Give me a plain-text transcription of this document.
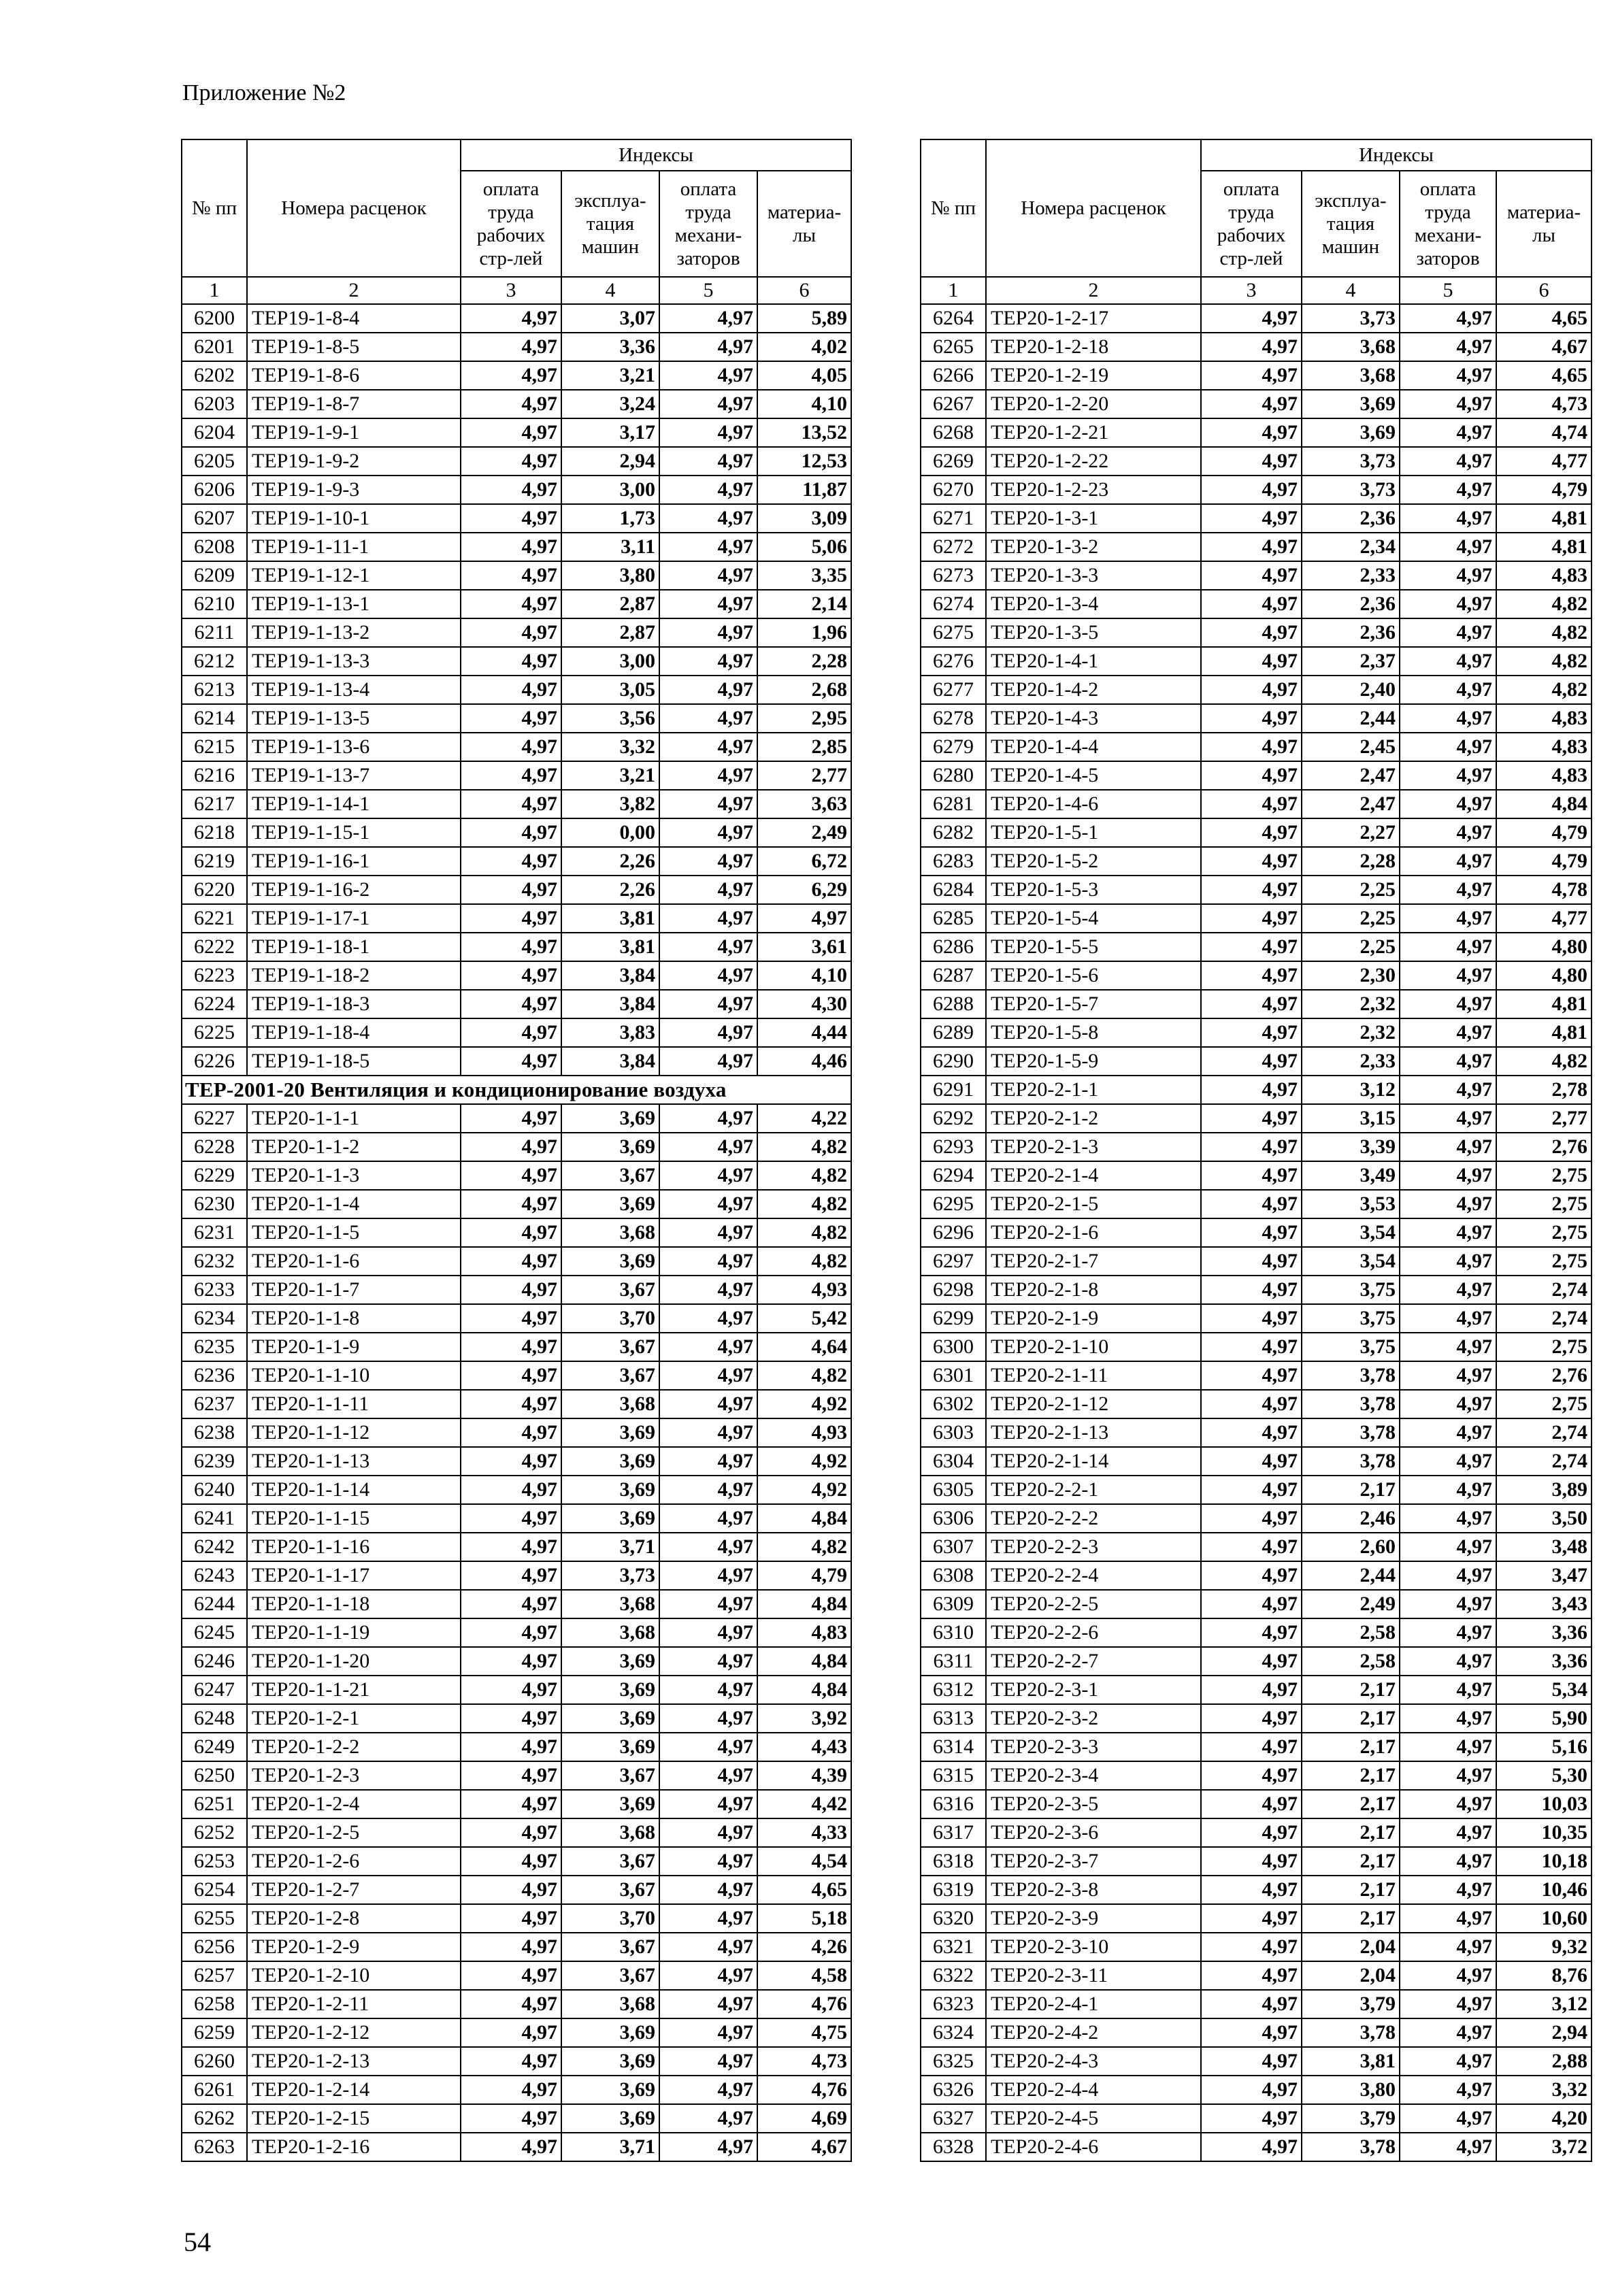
Приложение №2
№ пп	Номера расценок	Индексы			
		оплата труда рабочих стр-лей	эксплуа-тация машин	оплата труда механи-заторов	материа-лы
1	2	3	4	5	6
6200	ТЕР19-1-8-4	4,97	3,07	4,97	5,89
6201	ТЕР19-1-8-5	4,97	3,36	4,97	4,02
6202	ТЕР19-1-8-6	4,97	3,21	4,97	4,05
6203	ТЕР19-1-8-7	4,97	3,24	4,97	4,10
6204	ТЕР19-1-9-1	4,97	3,17	4,97	13,52
6205	ТЕР19-1-9-2	4,97	2,94	4,97	12,53
6206	ТЕР19-1-9-3	4,97	3,00	4,97	11,87
6207	ТЕР19-1-10-1	4,97	1,73	4,97	3,09
6208	ТЕР19-1-11-1	4,97	3,11	4,97	5,06
6209	ТЕР19-1-12-1	4,97	3,80	4,97	3,35
6210	ТЕР19-1-13-1	4,97	2,87	4,97	2,14
6211	ТЕР19-1-13-2	4,97	2,87	4,97	1,96
6212	ТЕР19-1-13-3	4,97	3,00	4,97	2,28
6213	ТЕР19-1-13-4	4,97	3,05	4,97	2,68
6214	ТЕР19-1-13-5	4,97	3,56	4,97	2,95
6215	ТЕР19-1-13-6	4,97	3,32	4,97	2,85
6216	ТЕР19-1-13-7	4,97	3,21	4,97	2,77
6217	ТЕР19-1-14-1	4,97	3,82	4,97	3,63
6218	ТЕР19-1-15-1	4,97	0,00	4,97	2,49
6219	ТЕР19-1-16-1	4,97	2,26	4,97	6,72
6220	ТЕР19-1-16-2	4,97	2,26	4,97	6,29
6221	ТЕР19-1-17-1	4,97	3,81	4,97	4,97
6222	ТЕР19-1-18-1	4,97	3,81	4,97	3,61
6223	ТЕР19-1-18-2	4,97	3,84	4,97	4,10
6224	ТЕР19-1-18-3	4,97	3,84	4,97	4,30
6225	ТЕР19-1-18-4	4,97	3,83	4,97	4,44
6226	ТЕР19-1-18-5	4,97	3,84	4,97	4,46
ТЕР-2001-20 Вентиляция и кондиционирование воздуха					
6227	ТЕР20-1-1-1	4,97	3,69	4,97	4,22
6228	ТЕР20-1-1-2	4,97	3,69	4,97	4,82
6229	ТЕР20-1-1-3	4,97	3,67	4,97	4,82
6230	ТЕР20-1-1-4	4,97	3,69	4,97	4,82
6231	ТЕР20-1-1-5	4,97	3,68	4,97	4,82
6232	ТЕР20-1-1-6	4,97	3,69	4,97	4,82
6233	ТЕР20-1-1-7	4,97	3,67	4,97	4,93
6234	ТЕР20-1-1-8	4,97	3,70	4,97	5,42
6235	ТЕР20-1-1-9	4,97	3,67	4,97	4,64
6236	ТЕР20-1-1-10	4,97	3,67	4,97	4,82
6237	ТЕР20-1-1-11	4,97	3,68	4,97	4,92
6238	ТЕР20-1-1-12	4,97	3,69	4,97	4,93
6239	ТЕР20-1-1-13	4,97	3,69	4,97	4,92
6240	ТЕР20-1-1-14	4,97	3,69	4,97	4,92
6241	ТЕР20-1-1-15	4,97	3,69	4,97	4,84
6242	ТЕР20-1-1-16	4,97	3,71	4,97	4,82
6243	ТЕР20-1-1-17	4,97	3,73	4,97	4,79
6244	ТЕР20-1-1-18	4,97	3,68	4,97	4,84
6245	ТЕР20-1-1-19	4,97	3,68	4,97	4,83
6246	ТЕР20-1-1-20	4,97	3,69	4,97	4,84
6247	ТЕР20-1-1-21	4,97	3,69	4,97	4,84
6248	ТЕР20-1-2-1	4,97	3,69	4,97	3,92
6249	ТЕР20-1-2-2	4,97	3,69	4,97	4,43
6250	ТЕР20-1-2-3	4,97	3,67	4,97	4,39
6251	ТЕР20-1-2-4	4,97	3,69	4,97	4,42
6252	ТЕР20-1-2-5	4,97	3,68	4,97	4,33
6253	ТЕР20-1-2-6	4,97	3,67	4,97	4,54
6254	ТЕР20-1-2-7	4,97	3,67	4,97	4,65
6255	ТЕР20-1-2-8	4,97	3,70	4,97	5,18
6256	ТЕР20-1-2-9	4,97	3,67	4,97	4,26
6257	ТЕР20-1-2-10	4,97	3,67	4,97	4,58
6258	ТЕР20-1-2-11	4,97	3,68	4,97	4,76
6259	ТЕР20-1-2-12	4,97	3,69	4,97	4,75
6260	ТЕР20-1-2-13	4,97	3,69	4,97	4,73
6261	ТЕР20-1-2-14	4,97	3,69	4,97	4,76
6262	ТЕР20-1-2-15	4,97	3,69	4,97	4,69
6263	ТЕР20-1-2-16	4,97	3,71	4,97	4,67
№ пп	Номера расценок	Индексы			
		оплата труда рабочих стр-лей	эксплуа-тация машин	оплата труда механи-заторов	материа-лы
1	2	3	4	5	6
6264	ТЕР20-1-2-17	4,97	3,73	4,97	4,65
6265	ТЕР20-1-2-18	4,97	3,68	4,97	4,67
6266	ТЕР20-1-2-19	4,97	3,68	4,97	4,65
6267	ТЕР20-1-2-20	4,97	3,69	4,97	4,73
6268	ТЕР20-1-2-21	4,97	3,69	4,97	4,74
6269	ТЕР20-1-2-22	4,97	3,73	4,97	4,77
6270	ТЕР20-1-2-23	4,97	3,73	4,97	4,79
6271	ТЕР20-1-3-1	4,97	2,36	4,97	4,81
6272	ТЕР20-1-3-2	4,97	2,34	4,97	4,81
6273	ТЕР20-1-3-3	4,97	2,33	4,97	4,83
6274	ТЕР20-1-3-4	4,97	2,36	4,97	4,82
6275	ТЕР20-1-3-5	4,97	2,36	4,97	4,82
6276	ТЕР20-1-4-1	4,97	2,37	4,97	4,82
6277	ТЕР20-1-4-2	4,97	2,40	4,97	4,82
6278	ТЕР20-1-4-3	4,97	2,44	4,97	4,83
6279	ТЕР20-1-4-4	4,97	2,45	4,97	4,83
6280	ТЕР20-1-4-5	4,97	2,47	4,97	4,83
6281	ТЕР20-1-4-6	4,97	2,47	4,97	4,84
6282	ТЕР20-1-5-1	4,97	2,27	4,97	4,79
6283	ТЕР20-1-5-2	4,97	2,28	4,97	4,79
6284	ТЕР20-1-5-3	4,97	2,25	4,97	4,78
6285	ТЕР20-1-5-4	4,97	2,25	4,97	4,77
6286	ТЕР20-1-5-5	4,97	2,25	4,97	4,80
6287	ТЕР20-1-5-6	4,97	2,30	4,97	4,80
6288	ТЕР20-1-5-7	4,97	2,32	4,97	4,81
6289	ТЕР20-1-5-8	4,97	2,32	4,97	4,81
6290	ТЕР20-1-5-9	4,97	2,33	4,97	4,82
6291	ТЕР20-2-1-1	4,97	3,12	4,97	2,78
6292	ТЕР20-2-1-2	4,97	3,15	4,97	2,77
6293	ТЕР20-2-1-3	4,97	3,39	4,97	2,76
6294	ТЕР20-2-1-4	4,97	3,49	4,97	2,75
6295	ТЕР20-2-1-5	4,97	3,53	4,97	2,75
6296	ТЕР20-2-1-6	4,97	3,54	4,97	2,75
6297	ТЕР20-2-1-7	4,97	3,54	4,97	2,75
6298	ТЕР20-2-1-8	4,97	3,75	4,97	2,74
6299	ТЕР20-2-1-9	4,97	3,75	4,97	2,74
6300	ТЕР20-2-1-10	4,97	3,75	4,97	2,75
6301	ТЕР20-2-1-11	4,97	3,78	4,97	2,76
6302	ТЕР20-2-1-12	4,97	3,78	4,97	2,75
6303	ТЕР20-2-1-13	4,97	3,78	4,97	2,74
6304	ТЕР20-2-1-14	4,97	3,78	4,97	2,74
6305	ТЕР20-2-2-1	4,97	2,17	4,97	3,89
6306	ТЕР20-2-2-2	4,97	2,46	4,97	3,50
6307	ТЕР20-2-2-3	4,97	2,60	4,97	3,48
6308	ТЕР20-2-2-4	4,97	2,44	4,97	3,47
6309	ТЕР20-2-2-5	4,97	2,49	4,97	3,43
6310	ТЕР20-2-2-6	4,97	2,58	4,97	3,36
6311	ТЕР20-2-2-7	4,97	2,58	4,97	3,36
6312	ТЕР20-2-3-1	4,97	2,17	4,97	5,34
6313	ТЕР20-2-3-2	4,97	2,17	4,97	5,90
6314	ТЕР20-2-3-3	4,97	2,17	4,97	5,16
6315	ТЕР20-2-3-4	4,97	2,17	4,97	5,30
6316	ТЕР20-2-3-5	4,97	2,17	4,97	10,03
6317	ТЕР20-2-3-6	4,97	2,17	4,97	10,35
6318	ТЕР20-2-3-7	4,97	2,17	4,97	10,18
6319	ТЕР20-2-3-8	4,97	2,17	4,97	10,46
6320	ТЕР20-2-3-9	4,97	2,17	4,97	10,60
6321	ТЕР20-2-3-10	4,97	2,04	4,97	9,32
6322	ТЕР20-2-3-11	4,97	2,04	4,97	8,76
6323	ТЕР20-2-4-1	4,97	3,79	4,97	3,12
6324	ТЕР20-2-4-2	4,97	3,78	4,97	2,94
6325	ТЕР20-2-4-3	4,97	3,81	4,97	2,88
6326	ТЕР20-2-4-4	4,97	3,80	4,97	3,32
6327	ТЕР20-2-4-5	4,97	3,79	4,97	4,20
6328	ТЕР20-2-4-6	4,97	3,78	4,97	3,72
54
